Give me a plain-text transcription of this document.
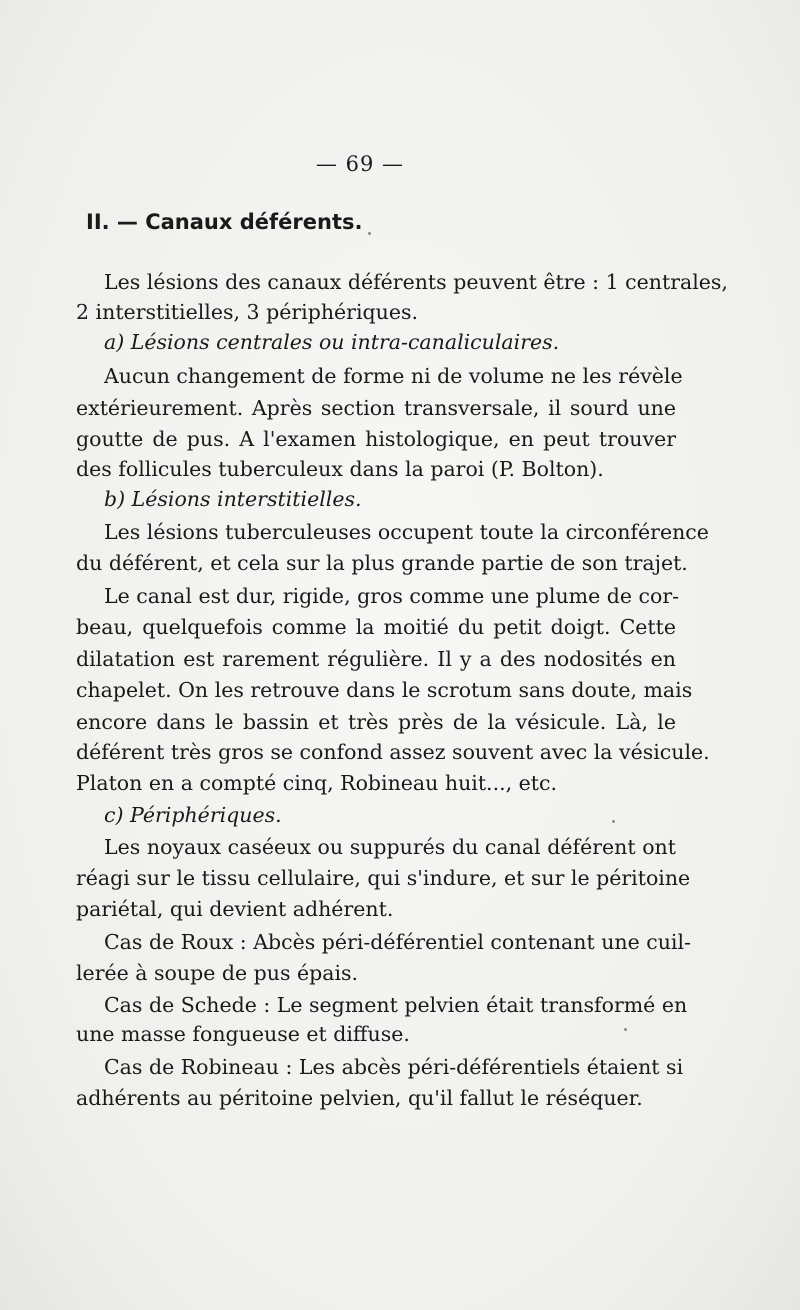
— 69 —
II. — Canaux déférents.
Les lésions des canaux déférents peuvent être : 1 centrales,
2 interstitielles, 3 périphériques.
a) Lésions centrales ou intra-canaliculaires.
Aucun changement de forme ni de volume ne les révèle
extérieurement. Après section transversale, il sourd une
goutte de pus. A l'examen histologique, en peut trouver
des follicules tuberculeux dans la paroi (P. Bolton).
b) Lésions interstitielles.
Les lésions tuberculeuses occupent toute la circonférence
du déférent, et cela sur la plus grande partie de son trajet.
Le canal est dur, rigide, gros comme une plume de cor-
beau, quelquefois comme la moitié du petit doigt. Cette
dilatation est rarement régulière. Il y a des nodosités en
chapelet. On les retrouve dans le scrotum sans doute, mais
encore dans le bassin et très près de la vésicule. Là, le
déférent très gros se confond assez souvent avec la vésicule.
Platon en a compté cinq, Robineau huit..., etc.
c) Périphériques.
Les noyaux caséeux ou suppurés du canal déférent ont
réagi sur le tissu cellulaire, qui s'indure, et sur le péritoine
pariétal, qui devient adhérent.
Cas de Roux : Abcès péri-déférentiel contenant une cuil-
lerée à soupe de pus épais.
Cas de Schede : Le segment pelvien était transformé en
une masse fongueuse et diffuse.
Cas de Robineau : Les abcès péri-déférentiels étaient si
adhérents au péritoine pelvien, qu'il fallut le réséquer.
